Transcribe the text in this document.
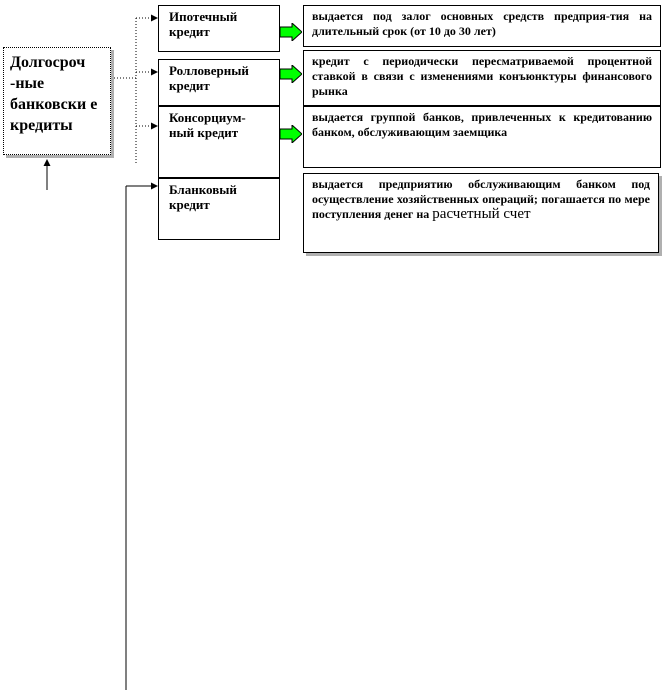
Долгосроч -ные банковски е кредиты
Ипотечный кредит
Ролловерный кредит
Консорциум-ный кредит
Бланковый кредит
выдается под залог основных средств предприя-тия на длительный срок (от 10 до 30 лет)
кредит с периодически пересматриваемой процентной ставкой в связи с изменениями конъюнктуры финансового рынка
выдается группой банков, привлеченных к кредитованию банком, обслуживающим заемщика
выдается предприятию обслуживающим банком под осуществление хозяйственных операций; погашается по мере поступления денег на расчетный счет
